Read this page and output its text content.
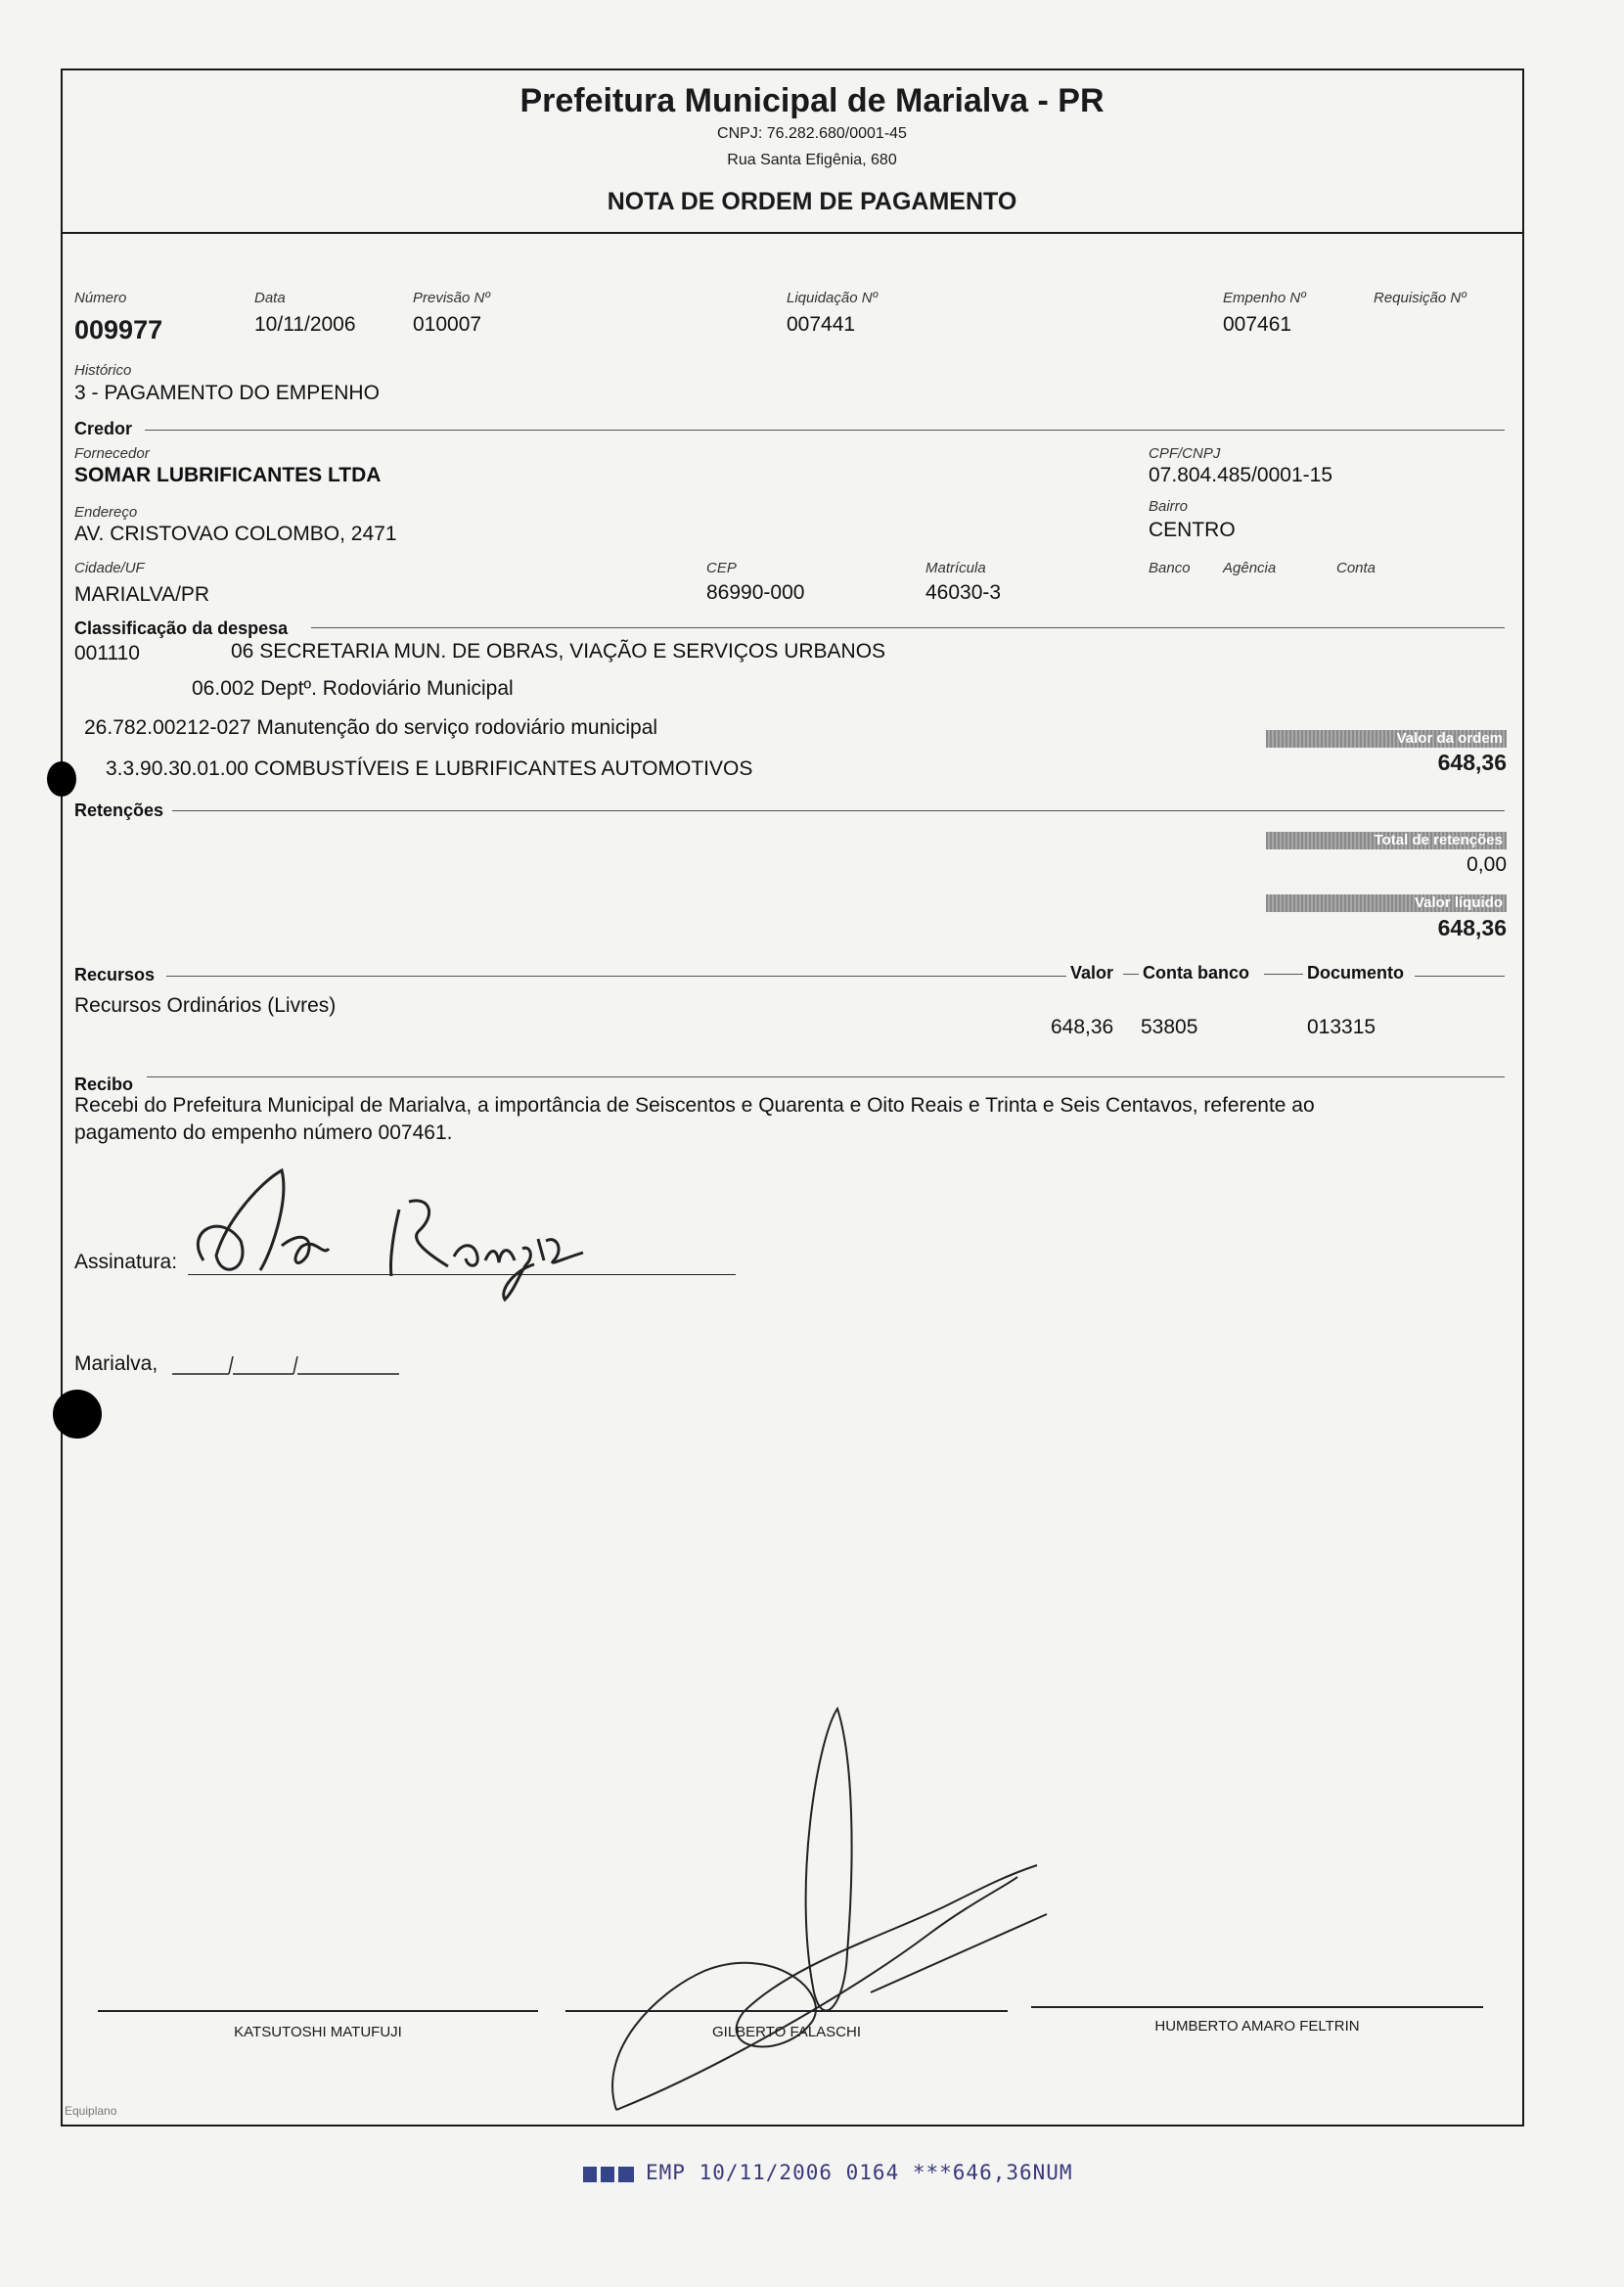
Prefeitura Municipal de Marialva - PR
CNPJ: 76.282.680/0001-45
Rua Santa Efigênia, 680
NOTA DE ORDEM DE PAGAMENTO
Número
009977
Data
10/11/2006
Previsão Nº
010007
Liquidação Nº
007441
Empenho Nº
007461
Requisição Nº
Histórico
3 - PAGAMENTO DO EMPENHO
Credor
Fornecedor
SOMAR LUBRIFICANTES LTDA
CPF/CNPJ
07.804.485/0001-15
Endereço
AV. CRISTOVAO COLOMBO, 2471
Bairro
CENTRO
Cidade/UF
MARIALVA/PR
CEP
86990-000
Matrícula
46030-3
Banco Agência	Conta
Classificação da despesa
001110	06 SECRETARIA MUN. DE OBRAS, VIAÇÃO E SERVIÇOS URBANOS
06.002 Deptº. Rodoviário Municipal
26.782.00212-027 Manutenção do serviço rodoviário municipal
3.3.90.30.01.00 COMBUSTÍVEIS E LUBRIFICANTES AUTOMOTIVOS
Valor da ordem
648,36
Retenções
Total de retenções
0,00
Valor líquido
648,36
Recursos	Valor Conta banco	Documento
Recursos Ordinários (Livres)
648,36 53805	013315
Recibo
Recebi do Prefeitura Municipal de Marialva, a importância de Seiscentos e Quarenta e Oito Reais e Trinta e Seis Centavos, referente ao
pagamento do empenho número 007461.
Assinatura:
Marialva,
KATSUTOSHI MATUFUJI	GILBERTO FALASCHI	HUMBERTO AMARO FELTRIN
Equiplano
EMP 10/11/2006 0164 ***646,36NUM
